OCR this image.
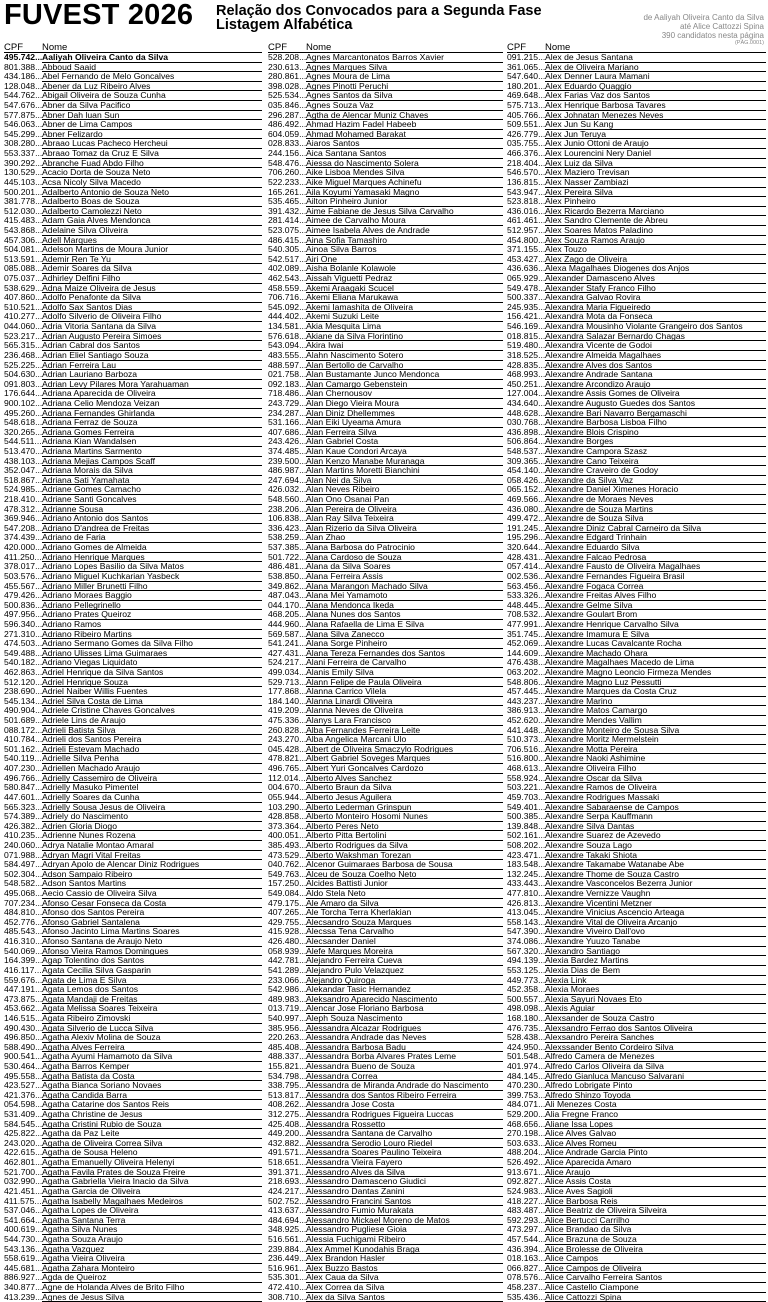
FUVEST 2026 Relação dos Convocados para a Segunda Fase
Listagem Alfabética	de Aaliyah Oliveira Canto da Silva
até Alice Cattozzi Spina
390 candidatos nesta página
(PÁG.0001)
CPF	Nome
495.742... Aaliyah Oliveira Canto da Silva
801.388... Abboud Saaid
434.186... Abel Fernando de Melo Goncalves
128.048... Abener da Luz Ribeiro Alves
544.762... Abigail Oliveira de Souza Cunha
547.676... Abner da Silva Pacifico
577.875... Abner Dah luan Sun
546.063... Abner de Lima Campos
545.299... Abner Felizardo
308.280... Abraao Lucas Pacheco Hercheui
553.337... Abraao Tomaz da Cruz E Silva
390.292... Abranche Fuad Abdo Filho
130.529... Acacio Dorta de Souza Neto
445.103... Acsa Nicoly Silva Macedo
500.201... Adalberto Antonio de Souza Neto
381.778... Adalberto Boas de Souza
512.030... Adalberto Camolezzi Neto
415.483... Adam Gaia Alves Mendonca
543.868... Adelaine Silva Oliveira
457.306... Adell Marques
504.081... Adelson Martins de Moura Junior
513.591... Ademir Ren Te Yu
085.088... Ademir Soares da Silva
075.037... Adhirley Delfini Filho
538.629... Adna Maize Oliveira de Jesus
407.860... Adolfo Penafonte da Silva
510.521... Adolfo Sax Santos Dias
410.277... Adolfo Silverio de Oliveira Filho
044.060... Adria Vitoria Santana da Silva
523.217... Adrian Augusto Pereira Simoes
565.315... Adrian Cabral dos Santos
236.468... Adrian Eliel Santiago Souza
525.225... Adrian Ferreira Lau
504.630... Adrian Lauriano Barboza
091.803... Adrian Levy Pilares Mora Yarahuaman
176.644... Adriana Aparecida de Oliveira
900.102... Adriana Celio Mendoza Veizan
495.260... Adriana Fernandes Ghirlanda
548.618... Adriana Ferraz de Souza
320.265... Adriana Gomes Ferreira
544.511... Adriana Kian Wandalsen
513.470... Adriana Martins Sarmento
438.103... Adriana Mejias Campos Scaff
352.047... Adriana Morais da Silva
518.867... Adriana Sati Yamahata
524.985... Adriane Gomes Camacho
218.410... Adriane Santi Goncalves
478.312... Adrianne Sousa
369.946... Adriano Antonio dos Santos
547.208... Adriano D'andrea de Freitas
374.439... Adriano de Faria
420.000... Adriano Gomes de Almeida
411.250... Adriano Henrique Marques
378.017... Adriano Lopes Basilio da Silva Matos
503.576... Adriano Miguel Kuchkarian Yasbeck
455.567... Adriano Miller Brunetti Filho
479.426... Adriano Moraes Baggio
500.836... Adriano Pellegrinello
497.956... Adriano Prates Queiroz
596.340... Adriano Ramos
271.310... Adriano Ribeiro Martins
474.503... Adriano Sermano Gomes da Silva Filho
549.488... Adriano Ulisses Lima Guimaraes
540.182... Adriano Viegas Liquidato
462.863... Adriel Henrique da Silva Santos
512.120... Adriel Henrique Souza
238.690... Adriel Naiber Willis Fuentes
545.134... Adriel Silva Costa de Lima
490.904... Adriele Cristine Chaves Goncalves
501.689... Adriele Lins de Araujo
088.172... Adrieli Batista Silva
410.784... Adrieli dos Santos Pereira
501.162... Adrieli Estevam Machado
540.119... Adrielle Silva Penha
407.230... Adriellen Machado Araujo
496.766... Adrielly Cassemiro de Oliveira
580.847... Adrielly Masuko Pimentel
447.601... Adrielly Soares da Cunha
565.323... Adrielly Sousa Jesus de Oliveira
574.389... Adriely do Nascimento
426.382... Adrien Gloria Diogo
410.235... Adrienne Nunes Rozena
240.060... Adrya Natalie Montao Amaral
071.988... Adryan Magri Vital Freitas
584.497... Adryan Apolo de Alencar Diniz Rodrigues
502.304... Adson Sampaio Ribeiro
548.582... Adson Santos Martins
495.068... Aecio Cassio de Oliveira Silva
707.234... Afonso Cesar Fonseca da Costa
484.810... Afonso dos Santos Pereira
452.776... Afonso Gabriel Santalena
485.543... Afonso Jacinto Lima Martins Soares
416.310... Afonso Santana de Araujo Neto
540.069... Afonso Vieira Ramos Domingues
164.399... Agap Tolentino dos Santos
416.117... Agata Cecilia Silva Gasparin
559.676... Agata de Lima E Silva
447.191... Agata Lemos dos Santos
473.875... Agata Mandaji de Freitas
453.662... Agata Melissa Soares Teixeira
146.515... Agata Ribeiro Zimovski
490.430... Agata Silverio de Lucca Silva
496.850... Agatha Alexiv Molina de Souza
588.490... Agatha Alves Ferreira
900.541... Agatha Ayumi Hamamoto da Silva
530.464... Agatha Barros Kemper
495.558... Agatha Batista da Costa
423.527... Agatha Bianca Soriano Novaes
421.376... Agatha Candida Barra
054.598... Agatha Catarine dos Santos Reis
531.409... Agatha Christine de Jesus
584.545... Agatha Cristini Rubio de Souza
425.822... Agatha da Paz Leite
243.020... Agatha de Oliveira Correa Silva
422.615... Agatha de Sousa Heleno
462.801... Agatha Emanuelly Oliveira Helenyi
521.700... Agatha Favila Prates de Souza Freire
032.990... Agatha Gabriella Vieira Inacio da Silva
421.451... Agatha Garcia de Oliveira
411.575... Agatha Isabelly Magalhaes Medeiros
537.046... Agatha Lopes de Oliveira
541.664... Agatha Santana Terra
400.619... Agatha Silva Nunes
544.730... Agatha Souza Araujo
543.136... Agatha Vazquez
558.619... Agatha Vieira Oliveira
445.681... Agatha Zahara Monteiro
886.927... Agda de Queiroz
340.877... Agne de Holanda Alves de Brito Filho
413.239... Agnes de Jesus Silva
CPF	Nome
528.208... Agnes Marcantonatos Barros Xavier
230.613... Agnes Marques Silva
280.861... Agnes Moura de Lima
398.028... Agnes Pinotti Peruchi
525.534... Agnes Santos da Silva
035.846... Agnes Souza Vaz
296.287... Agtha de Alencar Muniz Chaves
486.492... Ahmad Hazim Fadel Habeeb
604.059... Ahmad Mohamed Barakat
028.833... Aiaros Santos
244.156... Aica Santana Santos
548.476... Aiessa do Nascimento Solera
706.260... Aike Lisboa Mendes Silva
522.233... Aike Miguel Marques Achinefu
165.261... Aila Koyumi Yamasaki Magno
535.465... Ailton Pinheiro Junior
391.432... Aime Fabiane de Jesus Silva Carvalho
281.414... Aimee de Carvalho Moura
523.075... Aimee Isabela Alves de Andrade
486.415... Aina Sofia Tamashiro
540.305... Ainoa Silva Barros
542.517... Airi One
402.089... Aisha Bolanle Kolawole
462.543... Aissah Viguetti Pedraz
458.559... Akemi Araagaki Scucel
706.716... Akemi Eliana Marukawa
545.092... Akemi Iamashita de Oliveira
444.402... Akemi Suzuki Leite
134.581... Akia Mesquita Lima
576.618... Akiane da Silva Florintino
543.094... Akira Iwai
483.555... Alahn Nascimento Sotero
488.597... Alan Bertollo de Carvalho
021.758... Alan Bustamante Junco Mendonca
092.183... Alan Camargo Gebenstein
718.486... Alan Chernousov
243.729... Alan Diego Vieira Moura
234.287... Alan Diniz Dhellemmes
531.166... Alan Eiki Uyeama Amura
407.686... Alan Ferreira Silva
243.426... Alan Gabriel Costa
374.485... Alan Kaue Condori Arcaya
239.500... Alan Kenzo Manabe Muranaga
486.987... Alan Martins Moretti Bianchini
247.694... Alan Nei da Silva
426.032... Alan Neves Ribeiro
548.560... Alan Ono Osanai Pan
238.206... Alan Pereira de Oliveira
106.838... Alan Ray Silva Teixeira
336.423... Alan Rizerio da Silva Oliveira
538.259... Alan Zhao
537.385... Alana Barbosa do Patrocinio
501.722... Alana Cardoso de Souza
486.481... Alana da Silva Soares
538.850... Alana Ferreira Assis
349.862... Alana Marangon Machado Silva
487.043... Alana Mei Yamamoto
044.170... Alana Mendonca Ikeda
468.205... Alana Nunes dos Santos
444.960... Alana Rafaella de Lima E Silva
569.587... Alana Silva Zanecco
541.241... Alana Sorge Pinheiro
427.431... Alana Tereza Fernandes dos Santos
524.217... Alani Ferreira de Carvalho
499.034... Alanis Emily Silva
529.713... Alann Felipe de Paula Oliveira
177.868... Alanna Carrico Vilela
184.140... Alanna Linardi Oliveira
419.209... Alanna Neves de Oliveira
475.336... Alanys Lara Francisco
260.828... Alba Fernandes Ferreira Leite
243.270... Alba Angelica Marcani Ulo
045.428... Albert de Oliveira Smaczylo Rodrigues
478.821... Albert Gabriel Soveges Marques
496.765... Albert Yuri Goncalves Cardozo
112.014... Alberto Alves Sanchez
004.670... Alberto Braun da Silva
055.944... Alberto Jesus Aguilera
103.290... Alberto Lederman Grinspun
428.858... Alberto Monteiro Hosomi Nunes
373.364... Alberto Peres Neto
400.051... Alberto Pitta Bertolini
385.493... Alberto Rodrigues da Silva
473.529... Alberto Wakshman Torezan
040.762... Alcenor Guimaraes Barbosa de Sousa
549.763... Alceu de Souza Coelho Neto
157.250... Alcides Battisti Junior
549.084... Aldo Stela Neto
479.175... Ale Amaro da Silva
407.265... Ale Torcha Terra Kherlakian
429.755... Alecsandro Souza Marques
415.928... Alecssa Tena Carvalho
426.480... Alecsander Daniel
058.939... Alefe Marques Moreira
442.781... Alejandro Ferreira Cueva
541.289... Alejandro Pulo Velazquez
233.066... Alejandro Quiroga
542.986... Alekandar Tasic Hernandez
489.983... Aleksandro Aparecido Nascimento
013.719... Alencar Jose Floriano Barbosa
540.997... Aleph Souza Nascimento
385.956... Alessandra Alcazar Rodrigues
220.263... Alessandra Andrade das Neves
485.408... Alessandra Barbosa Badu
488.337... Alessandra Borba Alvares Prates Leme
155.821... Alessandra Bueno de Souza
534.798... Alessandra Correa
338.795... Alessandra de Miranda Andrade do Nascimento
513.817... Alessandra dos Santos Ribeiro Ferreira
408.262... Alessandra Jose Costa
312.275... Alessandra Rodrigues Figueira Luccas
425.408... Alessandra Rossetto
449.200... Alessandra Santana de Carvalho
432.882... Alessandra Serodio Louro Riedel
491.571... Alessandra Soares Paulino Teixeira
518.651... Alessandra Vieira Fayero
391.371... Alessandro Alves da Silva
218.693... Alessandro Damasceno Giudici
424.217... Alessandro Dantas Zanini
502.752... Alessandro Francini Santos
413.637... Alessandro Fumio Murakata
484.694... Alessandro Mickael Moreno de Matos
348.925... Alessandro Pugliese Gioia
516.561... Alessia Fuchigami Ribeiro
239.884... Alex Ammel Kunodahis Braga
236.449... Alex Brandon Hasler
516.961... Alex Buzzo Bastos
535.301... Alex Caua da Silva
472.410... Alex Correa da Silva
308.710... Alex da Silva Santos
CPF	Nome
091.215... Alex de Jesus Santana
361.065... Alex de Oliveira Mariano
547.640... Alex Denner Laura Mamani
180.201... Alex Eduardo Quaggio
469.648... Alex Farias Vaz dos Santos
575.713... Alex Henrique Barbosa Tavares
405.766... Alex Johnatan Menezes Neves
509.551... Alex Jun Su Kang
426.779... Alex Jun Teruya
035.755... Alex Junio Ottoni de Araujo
466.376... Alex Lourencini Nery Daniel
218.404... Alex Luiz da Silva
546.570... Alex Maziero Trevisan
136.815... Alex Nasser Zambiazi
543.947... Alex Pereira Silva
523.818... Alex Pinheiro
436.016... Alex Ricardo Bezerra Marciano
461.461... Alex Sandro Clemente de Abreu
512.957... Alex Soares Matos Paladino
454.800... Alex Souza Ramos Araujo
371.155... Alex Touzo
453.427... Alex Zago de Oliveira
436.636... Alexa Magalhaes Diogenes dos Anjos
065.929... Alexander Damasceno Alves
549.478... Alexander Stafy Franco Filho
500.337... Alexandra Galvao Rovira
245.935... Alexandra Maria Figueiredo
156.421... Alexandra Mota da Fonseca
546.169... Alexandra Mousinho Violante Grangeiro dos Santos
018.815... Alexandra Salazar Bernardo Chagas
519.480... Alexandra Vicente de Godoi
318.525... Alexandre Almeida Magalhaes
428.835... Alexandre Alves dos Santos
468.993... Alexandre Andrade Santana
450.251... Alexandre Arcondizo Araujo
127.004... Alexandre Assis Gomes de Oliveira
434.640... Alexandre Augusto Guedes dos Santos
448.628... Alexandre Bari Navarro Bergamaschi
030.768... Alexandre Barbosa Lisboa Filho
436.898... Alexandre Blois Crispino
506.864... Alexandre Borges
548.537... Alexandre Campora Szasz
309.365... Alexandre Cano Teixeira
454.140... Alexandre Craveiro de Godoy
058.426... Alexandre da Silva Vaz
065.152... Alexandre Daniel Ximenes Horacio
469.566... Alexandre de Moraes Neves
436.080... Alexandre de Souza Martins
499.472... Alexandre de Souza Silva
191.245... Alexandre Diniz Cabral Carneiro da Silva
195.296... Alexandre Edgard Trinhain
320.644... Alexandre Eduardo Silva
428.431... Alexandre Falcao Pedrosa
057.414... Alexandre Fausto de Oliveira Magalhaes
002.536... Alexandre Fernandes Figueira Brasil
563.456... Alexandre Fogaca Correa
533.326... Alexandre Freitas Alves Filho
448.445... Alexandre Gelme Silva
708.532... Alexandre Goulart Brom
477.991... Alexandre Henrique Carvalho Silva
351.745... Alexandre Imamura E Silva
452.069... Alexandre Lucas Cavalcante Rocha
144.609... Alexandre Machado Ohara
476.438... Alexandre Magalhaes Macedo de Lima
063.202... Alexandre Magno Leoncio Firmeza Mendes
548.806... Alexandre Magno Luz Pessutti
457.445... Alexandre Marques da Costa Cruz
443.237... Alexandre Marino
386.913... Alexandre Matos Camargo
452.620... Alexandre Mendes Vallim
441.448... Alexandre Monteiro de Sousa Silva
510.373... Alexandre Moritz Mermelstein
706.516... Alexandre Motta Pereira
516.800... Alexandre Naoki Ashimine
468.613... Alexandre Oliveira Filho
558.924... Alexandre Oscar da Silva
503.221... Alexandre Ramos de Oliveira
459.703... Alexandre Rodrigues Massaki
549.401... Alexandre Sabaraense de Campos
500.385... Alexandre Serpa Kauffmann
139.848... Alexandre Silva Dantas
502.161... Alexandre Suarez de Azevedo
508.202... Alexandre Souza Lago
423.471... Alexandre Takaki Shiota
183.548... Alexandre Takamabe Watanabe Abe
132.245... Alexandre Thome de Souza Castro
433.443... Alexandre Vasconcelos Bezerra Junior
477.810... Alexandre Vernizze Vaughn
426.813... Alexandre Vicentini Metzner
413.045... Alexandre Vinicius Ascencio Arteaga
558.143... Alexandre Vital de Oliveira Arcanjo
547.390... Alexandre Viveiro Dall'ovo
374.086... Alexandre Yuuzo Tanabe
567.320... Alexandro Santiago
494.139... Alexia Bardez Martins
553.125... Alexia Dias de Bem
449.773... Alexia Link
452.358... Alexia Moraes
500.557... Alexia Sayuri Novaes Eto
498.098... Alexis Aguiar
168.180... Alexsander de Souza Castro
476.735... Alexsandro Ferrao dos Santos Oliveira
528.438... Alexsandro Pereira Sanches
424.950... Alexssander Bento Cordeiro Silva
501.548... Alfredo Camera de Menezes
401.974... Alfredo Carlos Oliveira da Silva
484.145... Alfredo Gianluca Mancuso Salvarani
470.230... Alfredo Lobrigate Pinto
399.753... Alfredo Shinzo Toyoda
484.071... Ali Menezes Costa
529.200... Alia Fregne Franco
468.656... Aliane Issa Lopes
270.198... Alice Alves Galvao
503.633... Alice Alves Romeu
488.204... Alice Andrade Garcia Pinto
526.492... Alice Aparecida Amaro
913.671... Alice Araujo
092.827... Alice Assis Costa
524.983... Alice Aves Sagioli
418.227... Alice Barbosa Reis
483.487... Alice Beatriz de Oliveira Silveira
592.293... Alice Bertucci Carrilho
473.297... Alice Brandao da Silva
457.544... Alice Brazuna de Souza
436.394... Alice Brolesse de Oliveira
018.163... Alice Campos
066.827... Alice Campos de Oliveira
078.576... Alice Carvalho Ferreira Santos
458.237... Alice Castello Ciampone
535.436... Alice Cattozzi Spina
